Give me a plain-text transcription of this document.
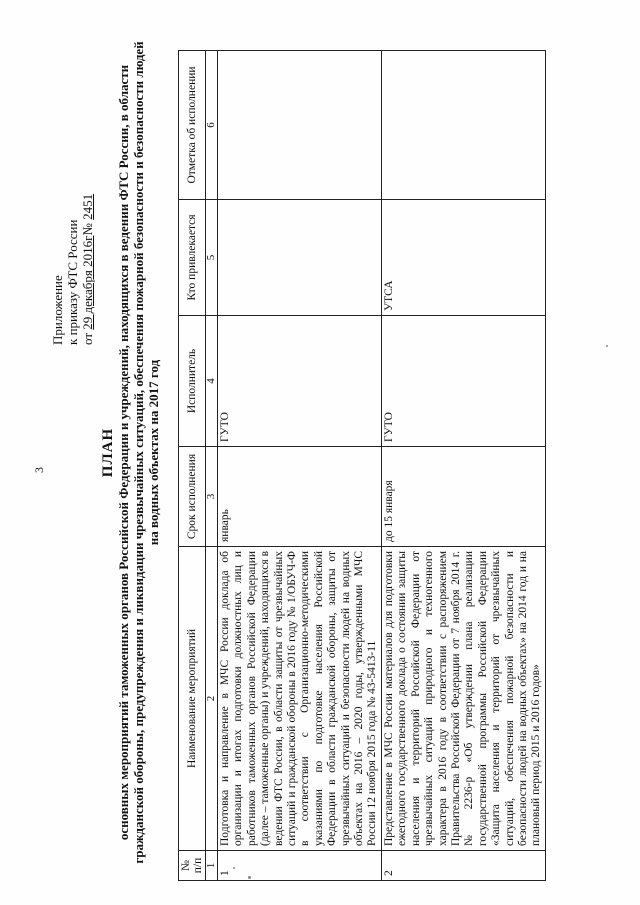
3
Приложение к приказу ФТС России от 29 декабря 2016г№ 2451
ПЛАН основных мероприятий таможенных органов Российской Федерации и учреждений, находящихся в ведении ФТС России, в области гражданской обороны, предупреждения и ликвидации чрезвычайных ситуаций, обеспечения пожарной безопасности и безопасности людей на водных объектах на 2017 год
№ п/п	Наименование мероприятий	Срок исполнения	Исполнитель	Кто привлекается	Отметка об исполнении
1	2	3	4	5	6
1	Подготовка и направление в МЧС России доклада об организации и итогах подготовки должностных лиц и работников таможенных органов Российской Федерации (далее – таможенные органы) и учреждений, находящихся в ведении ФТС России, в области защиты от чрезвычайных ситуаций и гражданской обороны в 2016 году № 1/ОБУЧ-Ф в соответствии с Организационно-методическими указаниями по подготовке населения Российской Федерации в области гражданской обороны, защиты от чрезвычайных ситуаций и безопасности людей на водных объектах на 2016 – 2020 годы, утвержденными МЧС России 12 ноября 2015 года № 43-5413-11	январь	ГУТО		
2	Представление в МЧС России материалов для подготовки ежегодного государственного доклада о состоянии защиты населения и территорий Российской Федерации от чрезвычайных ситуаций природного и техногенного характера в 2016 году в соответствии с распоряжением Правительства Российской Федерации от 7 ноября 2014 г. № 2236-р «Об утверждении плана реализации государственной программы Российской Федерации «Защита населения и территорий от чрезвычайных ситуаций, обеспечения пожарной безопасности и безопасности людей на водных объектах» на 2014 год и на плановый период 2015 и 2016 годов»	до 15 января	ГУТО	УТСА	
